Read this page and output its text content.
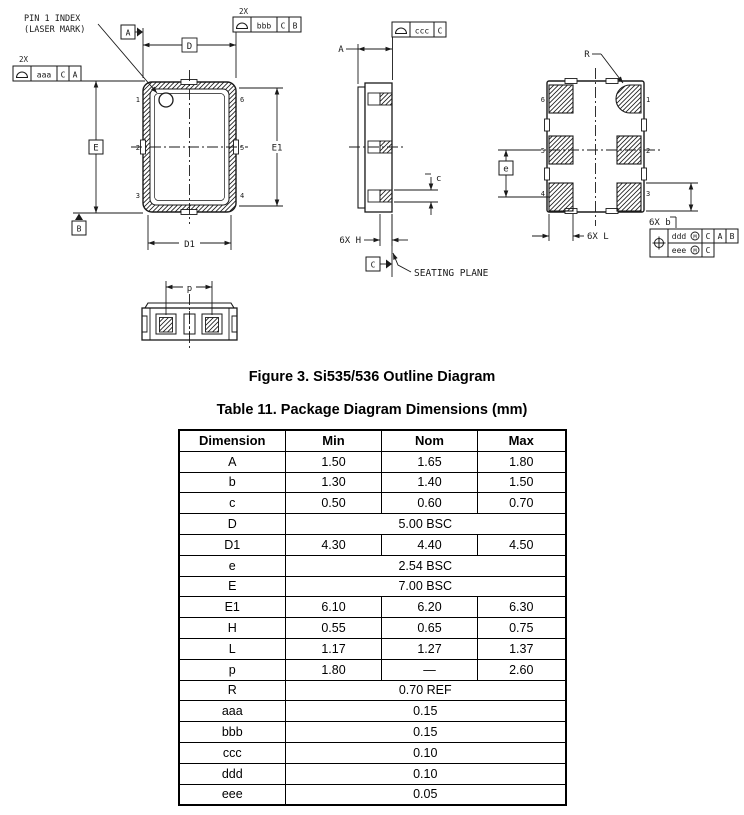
1
2
3
6
5
4
PIN 1 INDEX
(LASER MARK)
D
A
2X
bbb C B
2X
aaa C A
E
B
E1
D1
ccc C
A
c
6X H
C
SEATING PLANE
6
5
4
1
2
3
R
e
6X L
6X b
ddd C A B
eee C
M
M
p
Figure 3. Si535/536 Outline Diagram
Table 11. Package Diagram Dimensions (mm)
Dimension	Min	Nom	Max
A	1.50	1.65	1.80
b	1.30	1.40	1.50
c	0.50	0.60	0.70
D	5.00 BSC		
D1	4.30	4.40	4.50
e	2.54 BSC		
E	7.00 BSC		
E1	6.10	6.20	6.30
H	0.55	0.65	0.75
L	1.17	1.27	1.37
p	1.80	—	2.60
R	0.70 REF		
aaa	0.15		
bbb	0.15		
ccc	0.10		
ddd	0.10		
eee	0.05		
